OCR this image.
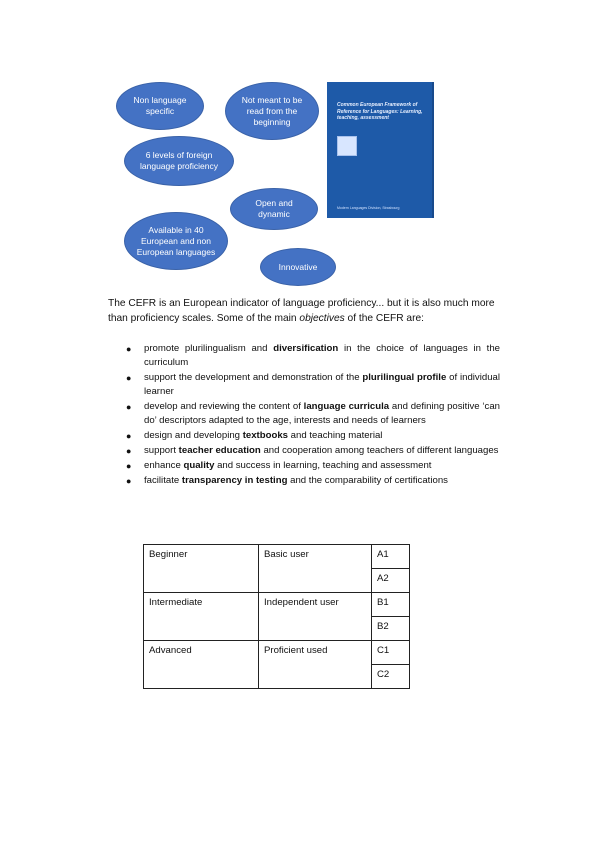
Non language specific
Not meant to be read from the beginning
6 levels of foreign language proficiency
Open and dynamic
Available in 40 European and non European languages
Innovative
Common European Framework of Reference for Languages: Learning, teaching, assessment
Modern Languages Division, Strasbourg

The CEFR is an European indicator of language proficiency... but it is also much more than proficiency scales. Some of the main objectives of the CEFR are:

● promote plurilingualism and diversification in the choice of languages in the curriculum
● support the development and demonstration of the plurilingual profile of individual learner
● develop and reviewing the content of language curricula and defining positive ‘can do’ descriptors adapted to the age, interests and needs of learners
● design and developing textbooks and teaching material
● support teacher education and cooperation among teachers of different languages
● enhance quality and success in learning, teaching and assessment
● facilitate transparency in testing and the comparability of certifications
Beginner	Basic user	A1
		A2
Intermediate	Independent user	B1
		B2
Advanced	Proficient used	C1
		C2
